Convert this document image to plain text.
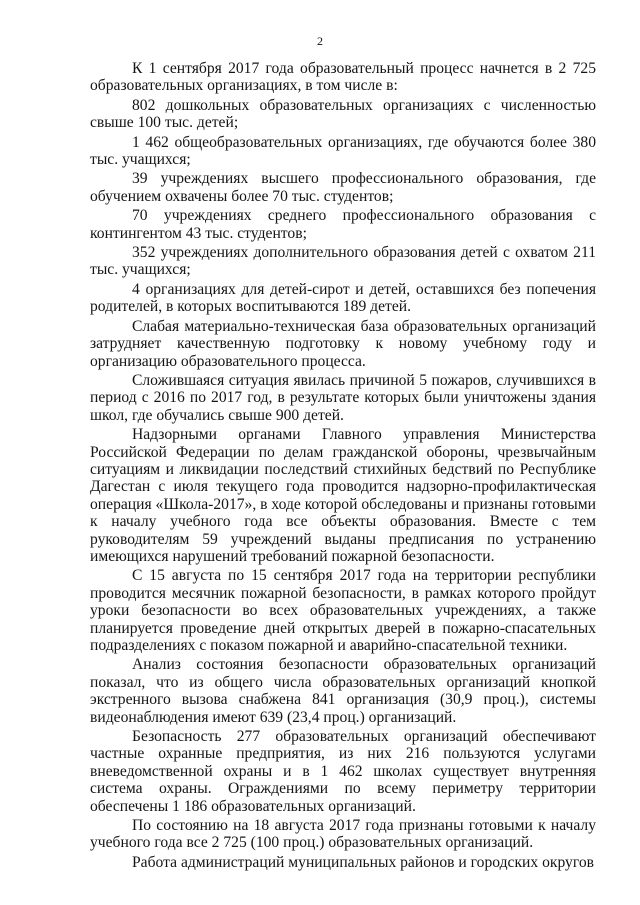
2

К 1 сентября 2017 года образовательный процесс начнется в 2 725 образовательных организациях, в том числе в:

802 дошкольных образовательных организациях с численностью свыше 100 тыс. детей;

1 462 общеобразовательных организациях, где обучаются более 380 тыс. учащихся;

39 учреждениях высшего профессионального образования, где обучением охвачены более 70 тыс. студентов;

70 учреждениях среднего профессионального образования с контингентом 43 тыс. студентов;

352 учреждениях дополнительного образования детей с охватом 211 тыс. учащихся;

4 организациях для детей-сирот и детей, оставшихся без попечения родителей, в которых воспитываются 189 детей.

Слабая материально-техническая база образовательных организаций затрудняет качественную подготовку к новому учебному году и организацию образовательного процесса.

Сложившаяся ситуация явилась причиной 5 пожаров, случившихся в период с 2016 по 2017 год, в результате которых были уничтожены здания школ, где обучались свыше 900 детей.

Надзорными органами Главного управления Министерства Российской Федерации по делам гражданской обороны, чрезвычайным ситуациям и ликвидации последствий стихийных бедствий по Республике Дагестан с июля текущего года проводится надзорно-профилактическая операция «Школа-2017», в ходе которой обследованы и признаны готовыми к началу учебного года все объекты образования. Вместе с тем руководителям 59 учреждений выданы предписания по устранению имеющихся нарушений требований пожарной безопасности.

С 15 августа по 15 сентября 2017 года на территории республики проводится месячник пожарной безопасности, в рамках которого пройдут уроки безопасности во всех образовательных учреждениях, а также планируется проведение дней открытых дверей в пожарно-спасательных подразделениях с показом пожарной и аварийно-спасательной техники.

Анализ состояния безопасности образовательных организаций показал, что из общего числа образовательных организаций кнопкой экстренного вызова снабжена 841 организация (30,9 проц.), системы видеонаблюдения имеют 639 (23,4 проц.) организаций.

Безопасность 277 образовательных организаций обеспечивают частные охранные предприятия, из них 216 пользуются услугами вневедомственной охраны и в 1 462 школах существует внутренняя система охраны. Ограждениями по всему периметру территории обеспечены 1 186 образовательных организаций.

По состоянию на 18 августа 2017 года признаны готовыми к началу учебного года все 2 725 (100 проц.) образовательных организаций.

Работа администраций муниципальных районов и городских округов
